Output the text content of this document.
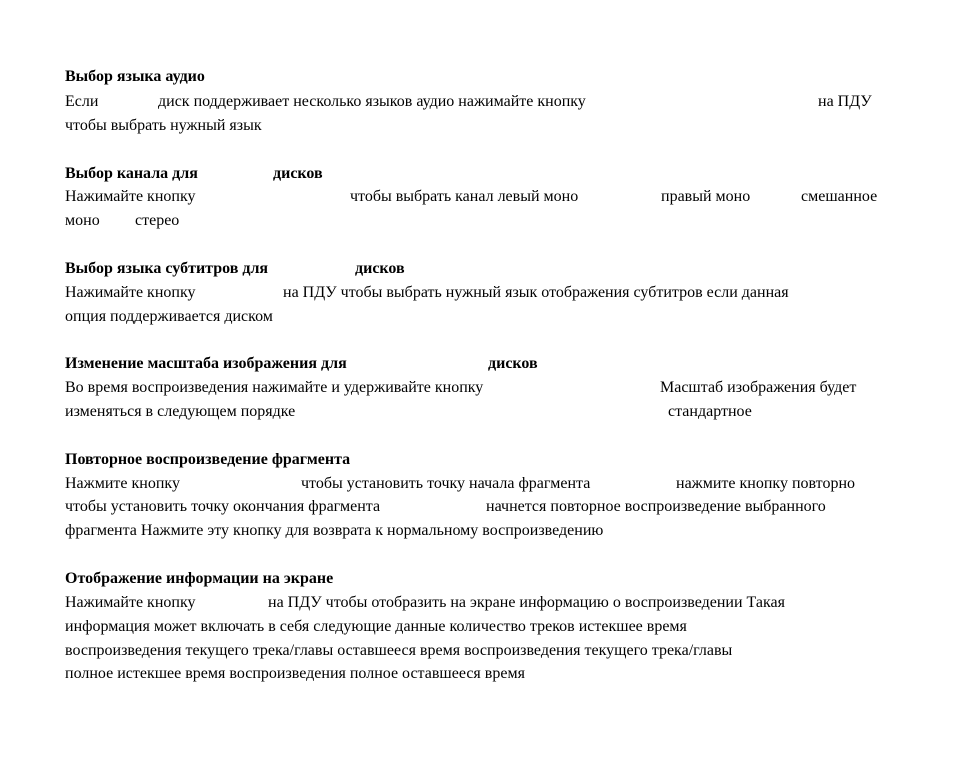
Выбор языка аудио
Если	диск поддерживает несколько языков аудио нажимайте кнопку	на ПДУ
чтобы выбрать нужный язык
Выбор канала для	дисков
Нажимайте кнопку	чтобы выбрать канал левый моно	правый моно	смешанное
моно стерео
Выбор языка субтитров для	дисков
Нажимайте кнопку	на ПДУ чтобы выбрать нужный язык отображения субтитров если данная
опция поддерживается диском
Изменение масштаба изображения для	дисков
Во время воспроизведения нажимайте и удерживайте кнопку	Масштаб изображения будет
изменяться в следующем порядке	стандартное
Повторное воспроизведение фрагмента
Нажмите кнопку	чтобы установить точку начала фрагмента	нажмите кнопку повторно
чтобы установить точку окончания фрагмента	начнется повторное воспроизведение выбранного
фрагмента Нажмите эту кнопку для возврата к нормальному воспроизведению
Отображение информации на экране
Нажимайте кнопку	на ПДУ чтобы отобразить на экране информацию о воспроизведении Такая
информация может включать в себя следующие данные количество треков истекшее время
воспроизведения текущего трека/главы оставшееся время воспроизведения текущего трека/главы
полное истекшее время воспроизведения полное оставшееся время
